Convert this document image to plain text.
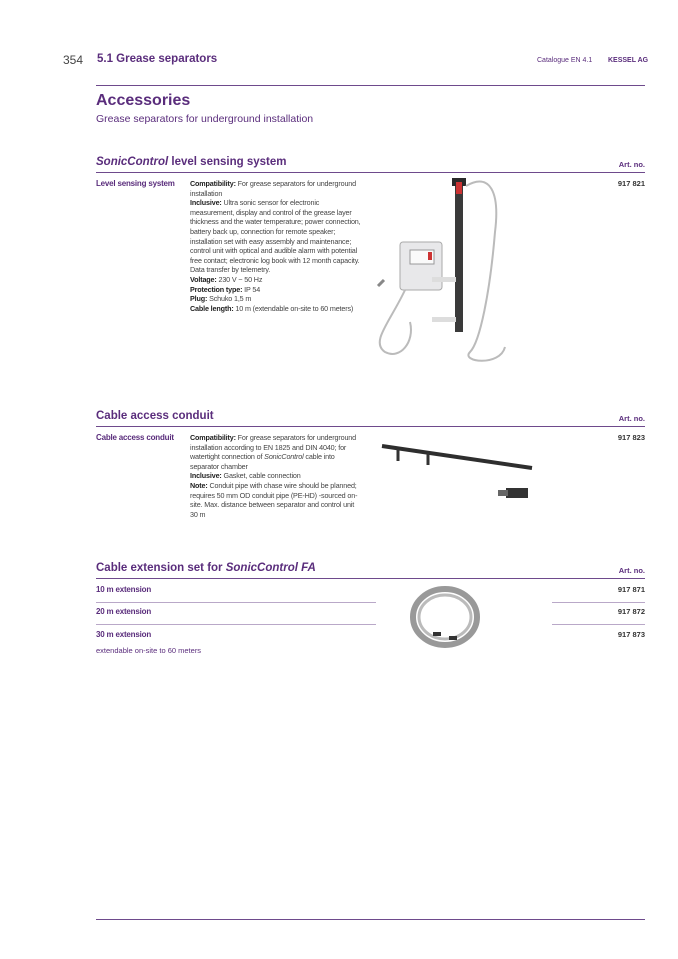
354 5.1 Grease separators	Catalogue EN 4.1 KESSEL AG
Accessories
Grease separators for underground installation
SonicControl level sensing system	Art. no.
Level sensing system	917 821
Compatibility: For grease separators for underground installation
Inclusive: Ultra sonic sensor for electronic measurement, display and control of the grease layer thickness and the water temperature; power connection, battery back up, connection for remote speaker; installation set with easy assembly and maintenance; control unit with optical and audible alarm with potential free contact; electronic log book with 12 month capacity. Data transfer by telemetry.
Voltage: 230 V ~ 50 Hz
Protection type: IP 54
Plug: Schuko 1,5 m
Cable length: 10 m (extendable on-site to 60 meters)
Cable access conduit	Art. no.
Cable access conduit	917 823
Compatibility: For grease separators for underground installation according to EN 1825 and DIN 4040; for watertight connection of SonicControl cable into separator chamber
Inclusive: Gasket, cable connection
Note: Conduit pipe with chase wire should be planned; requires 50 mm OD conduit pipe (PE-HD) -sourced on-site. Max. distance between separator and control unit 30 m
Cable extension set for SonicControl FA	Art. no.
10 m extension	917 871
20 m extension	917 872
30 m extension	917 873
extendable on-site to 60 meters
